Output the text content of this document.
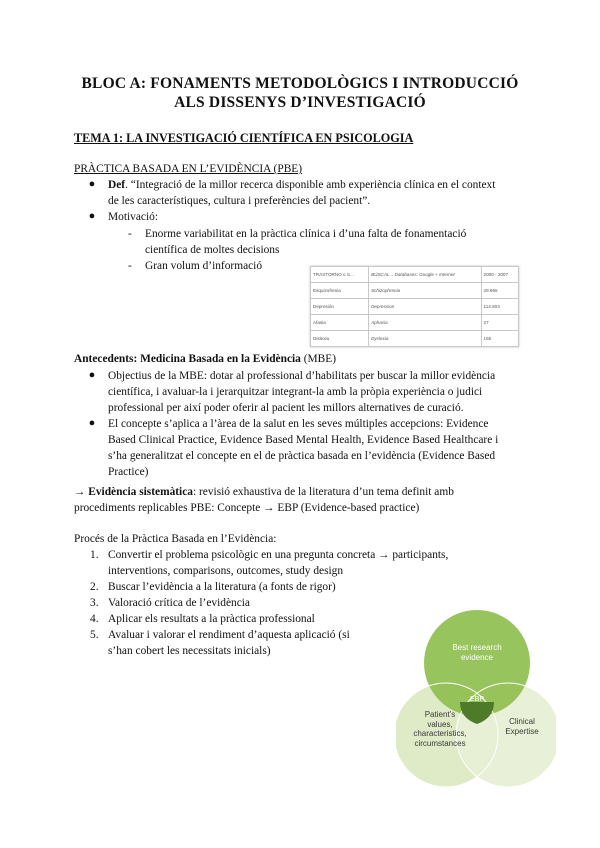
BLOC A: FONAMENTS METODOLÒGICS I INTRODUCCIÓ
ALS DISSENYS D’INVESTIGACIÓ
TEMA 1: LA INVESTIGACIÓ CIENTÍFICA EN PSICOLOGIA
PRÀCTICA BASADA EN L’EVIDÈNCIA (PBE)
● Def. “Integració de la millor recerca disponible amb experiència clínica en el context
de les característiques, cultura i preferències del pacient”.
● Motivació:
- Enorme variabilitat en la pràctica clínica i d’una falta de fonamentació
científica de moltes decisions
- Gran volum d’informació
TRASTORNO o S...	BÚSCAL... Databases: Google + Internet	2000 - 2007
Esquizofrenia	Schizophrenia	29.965
Depresión	Depression	114.803
Afasia	Aphasia	27
Dislexia	Dyslexia	165
Antecedents: Medicina Basada en la Evidència (MBE)
● Objectius de la MBE: dotar al professional d’habilitats per buscar la millor evidència
científica, i avaluar-la i jerarquitzar integrant-la amb la pròpia experiència o judici
professional per així poder oferir al pacient les millors alternatives de curació.
● El concepte s’aplica a l’àrea de la salut en les seves múltiples accepcions: Evidence
Based Clinical Practice, Evidence Based Mental Health, Evidence Based Healthcare i
s’ha generalitzat el concepte en el de pràctica basada en l’evidència (Evidence Based
Practice)
→ Evidència sistemàtica: revisió exhaustiva de la literatura d’un tema definit amb
procediments replicables PBE: Concepte → EBP (Evidence-based practice)
Procés de la Pràctica Basada en l’Evidència:
1. Convertir el problema psicològic en una pregunta concreta → participants,
interventions, comparisons, outcomes, study design
2. Buscar l’evidència a la literatura (a fonts de rigor)
3. Valoració crítica de l’evidència
4. Aplicar els resultats a la pràctica professional
5. Avaluar i valorar el rendiment d’aquesta aplicació (si
s’han cobert les necessitats inicials)	Best research
evidence
EBP
Patient’s
values,
characteristics,
circumstances
Clinical
Expertise
